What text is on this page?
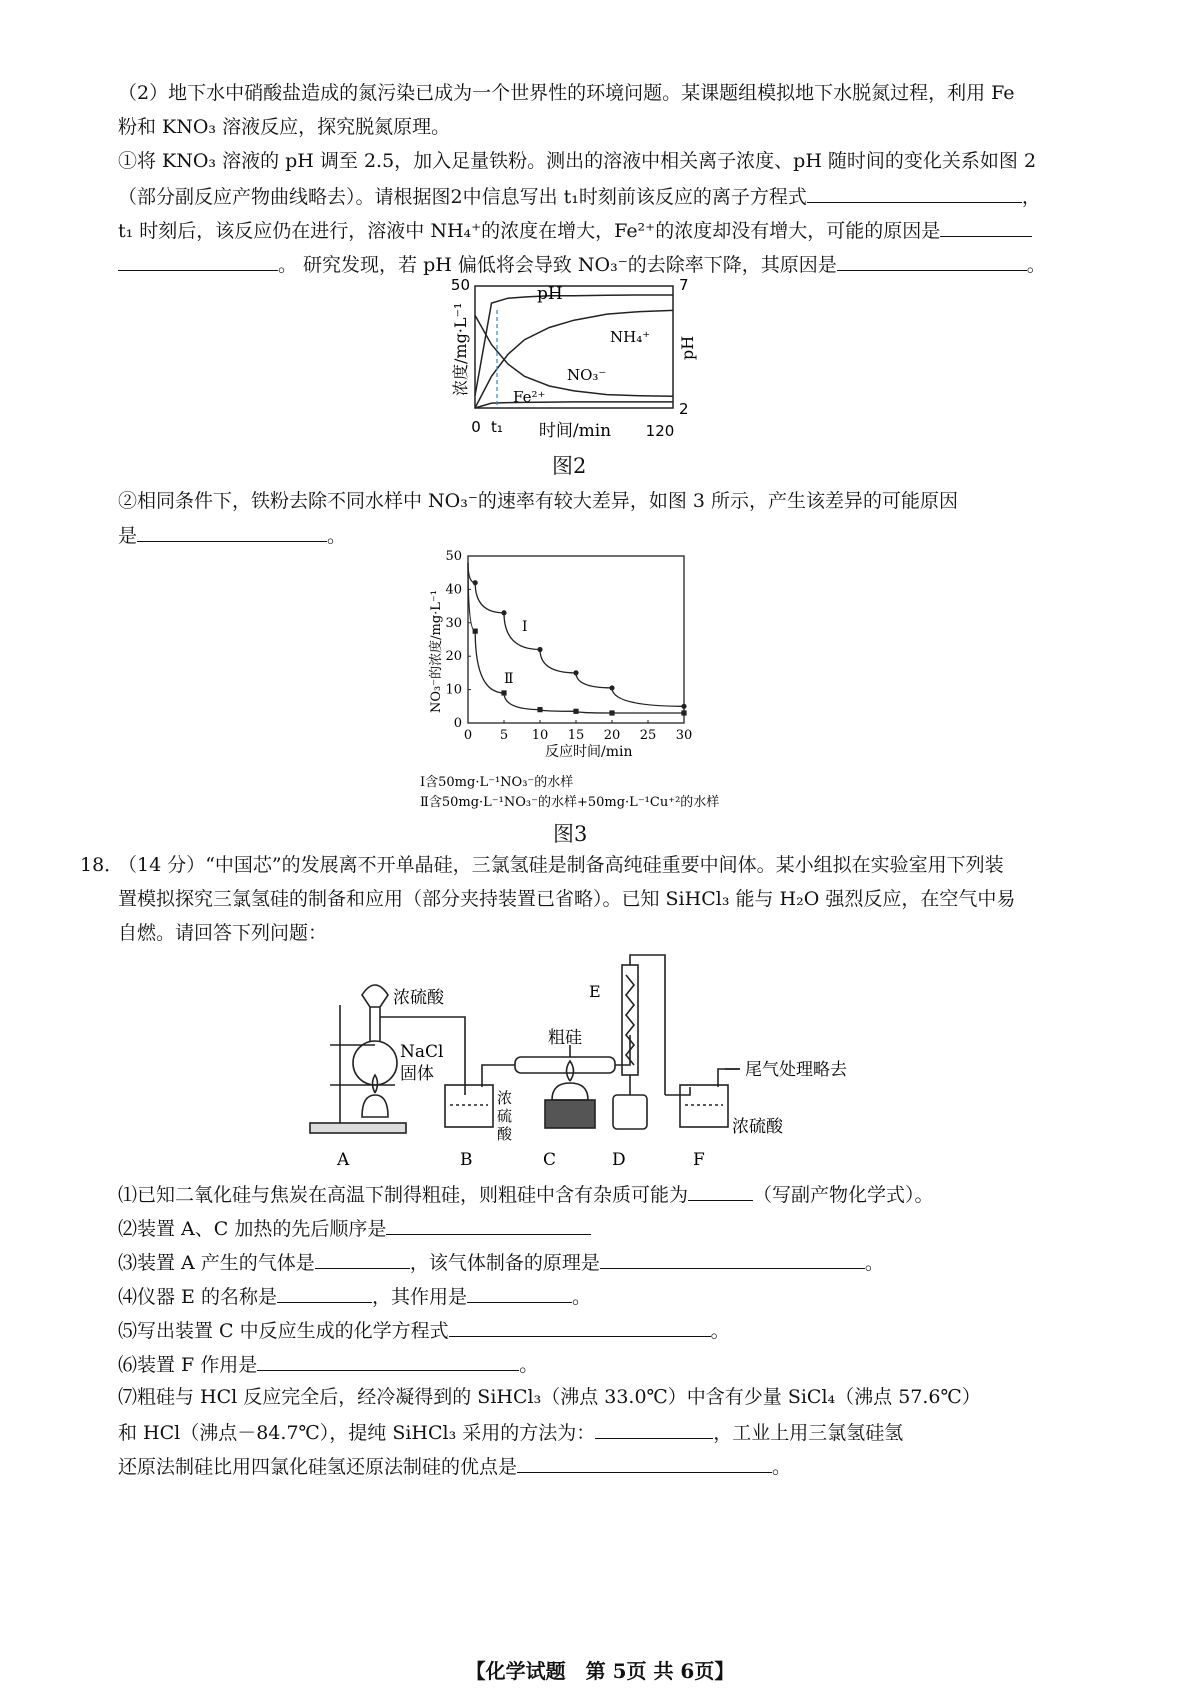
（2）地下水中硝酸盐造成的氮污染已成为一个世界性的环境问题。某课题组模拟地下水脱氮过程，利用 Fe
粉和 KNO₃ 溶液反应，探究脱氮原理。
①将 KNO₃ 溶液的 pH 调至 2.5，加入足量铁粉。测出的溶液中相关离子浓度、pH 随时间的变化关系如图 2
（部分副反应产物曲线略去）。请根据图2中信息写出 t₁时刻前该反应的离子方程式	，
t₁ 时刻后，该反应仍在进行，溶液中 NH₄⁺的浓度在增大，Fe²⁺的浓度却没有增大，可能的原因是
。 研究发现，若 pH 偏低将会导致 NO₃⁻的去除率下降，其原因是	。
50	7
2
0 t₁	120
时间/min
浓度/mg·L⁻¹	pH
pH
NH₄⁺
NO₃⁻
Fe²⁺
图2
②相同条件下，铁粉去除不同水样中 NO₃⁻的速率有较大差异，如图 3 所示，产生该差异的可能原因
是	。
0 5 10 15 20 25 30
0
10
20
30
40
50
NO₃⁻的浓度/mg·L⁻¹
反应时间/min
Ⅰ
Ⅱ
Ⅰ含50mg·L⁻¹NO₃⁻的水样
Ⅱ含50mg·L⁻¹NO₃⁻的水样+50mg·L⁻¹Cu⁺²的水样
图3
18．
（14 分）“中国芯”的发展离不开单晶硅，三氯氢硅是制备高纯硅重要中间体。某小组拟在实验室用下列装
置模拟探究三氯氢硅的制备和应用（部分夹持装置已省略）。已知 SiHCl₃ 能与 H₂O 强烈反应，在空气中易
自燃。请回答下列问题：
浓硫酸
NaCl
固体
浓
硫
酸
粗硅
E
尾气处理略去
浓硫酸
A	B	C	D	F
⑴已知二氧化硅与焦炭在高温下制得粗硅，则粗硅中含有杂质可能为	（写副产物化学式）。
⑵装置 A、C 加热的先后顺序是
⑶装置 A 产生的气体是	，该气体制备的原理是	。
⑷仪器 E 的名称是	，其作用是	。
⑸写出装置 C 中反应生成的化学方程式	。
⑹装置 F 作用是	。
⑺粗硅与 HCl 反应完全后，经冷凝得到的 SiHCl₃（沸点 33.0℃）中含有少量 SiCl₄（沸点 57.6℃）
和 HCl（沸点－84.7℃），提纯 SiHCl₃ 采用的方法为：	，工业上用三氯氢硅氢
还原法制硅比用四氯化硅氢还原法制硅的优点是	。
【化学试题　第 5页 共 6页】
